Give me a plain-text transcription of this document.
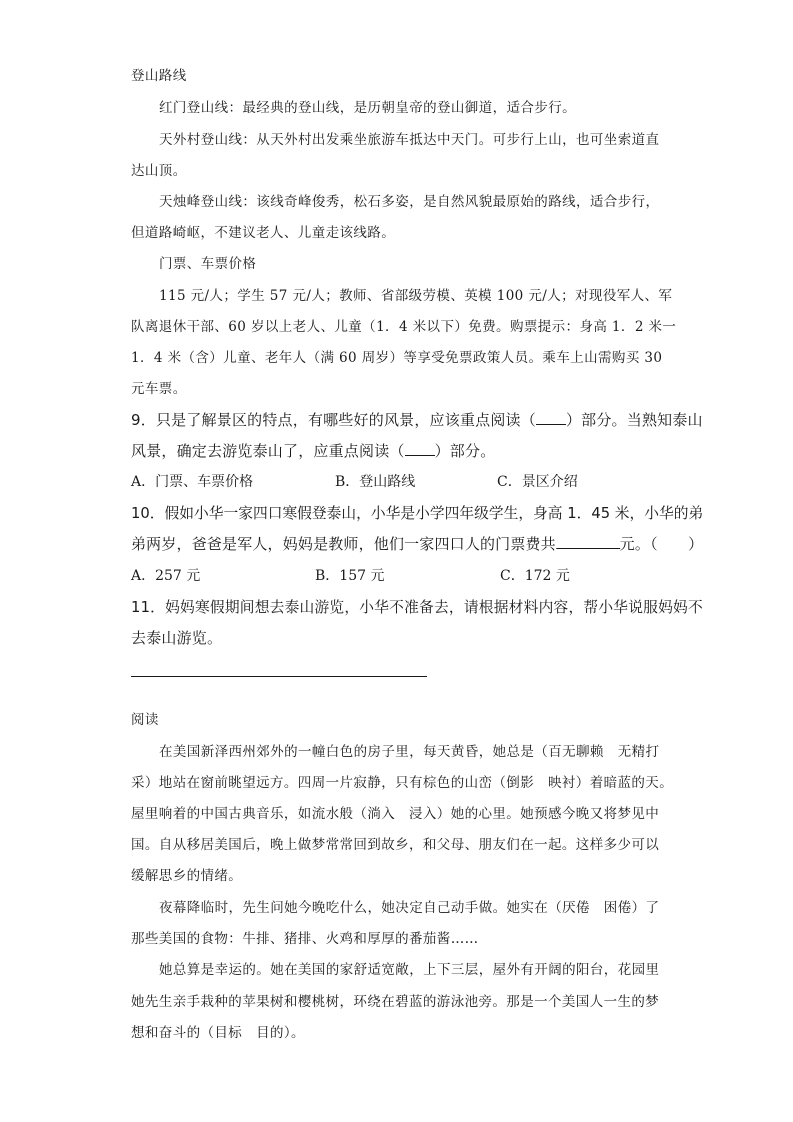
登山路线
红门登山线：最经典的登山线，是历朝皇帝的登山御道，适合步行。
天外村登山线：从天外村出发乘坐旅游车抵达中天门。可步行上山，也可坐索道直
达山顶。
天烛峰登山线：该线奇峰俊秀，松石多姿，是自然风貌最原始的路线，适合步行，
但道路崎岖，不建议老人、儿童走该线路。
门票、车票价格
115 元/人；学生 57 元/人；教师、省部级劳模、英模 100 元/人；对现役军人、军
队离退休干部、60 岁以上老人、儿童（1．4 米以下）免费。购票提示：身高 1．2 米一
1．4 米（含）儿童、老年人（满 60 周岁）等享受免票政策人员。乘车上山需购买 30
元车票。
9．只是了解景区的特点，有哪些好的风景，应该重点阅读（ ）部分。当熟知泰山
风景，确定去游览泰山了，应重点阅读（ ）部分。
A．门票、车票价格	B．登山路线	C．景区介绍
10．假如小华一家四口寒假登泰山，小华是小学四年级学生，身高 1．45 米，小华的弟
弟两岁，爸爸是军人，妈妈是教师，他们一家四口人的门票费共	元。（　　）
A．257 元	B．157 元	C．172 元
11．妈妈寒假期间想去泰山游览，小华不准备去，请根据材料内容，帮小华说服妈妈不
去泰山游览。
阅读
在美国新泽西州郊外的一幢白色的房子里，每天黄昏，她总是（百无聊赖　无精打
采）地站在窗前眺望远方。四周一片寂静，只有棕色的山峦（倒影　映衬）着暗蓝的天。
屋里响着的中国古典音乐，如流水般（淌入　浸入）她的心里。她预感今晚又将梦见中
国。自从移居美国后，晚上做梦常常回到故乡，和父母、朋友们在一起。这样多少可以
缓解思乡的情绪。
夜幕降临时，先生问她今晚吃什么，她决定自己动手做。她实在（厌倦　困倦）了
那些美国的食物：牛排、猪排、火鸡和厚厚的番茄酱……
她总算是幸运的。她在美国的家舒适宽敞，上下三层，屋外有开阔的阳台，花园里
她先生亲手栽种的苹果树和樱桃树，环绕在碧蓝的游泳池旁。那是一个美国人一生的梦
想和奋斗的（目标　目的）。
